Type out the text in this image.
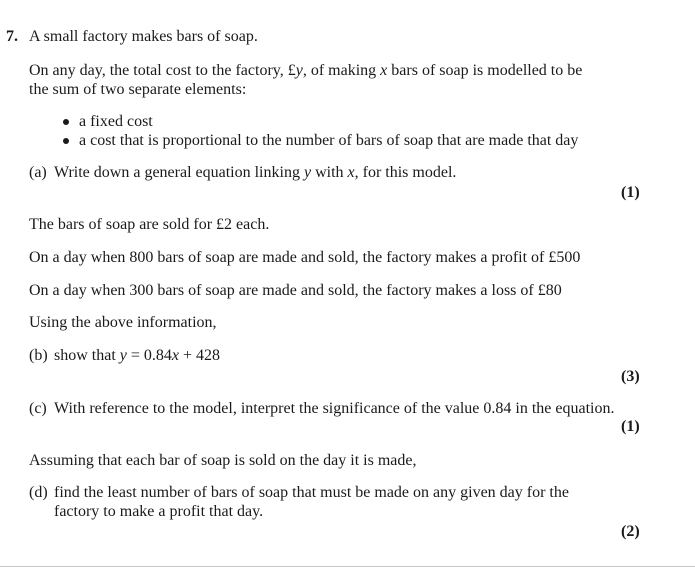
7. A small factory makes bars of soap.
On any day, the total cost to the factory, £y, of making x bars of soap is modelled to be
the sum of two separate elements:
a fixed cost
a cost that is proportional to the number of bars of soap that are made that day
(a) Write down a general equation linking y with x, for this model.
(1)
The bars of soap are sold for £2 each.
On a day when 800 bars of soap are made and sold, the factory makes a profit of £500
On a day when 300 bars of soap are made and sold, the factory makes a loss of £80
Using the above information,
(b) show that y = 0.84x + 428
(3)
(c) With reference to the model, interpret the significance of the value 0.84 in the equation.
(1)
Assuming that each bar of soap is sold on the day it is made,
(d) find the least number of bars of soap that must be made on any given day for the
factory to make a profit that day.
(2)
